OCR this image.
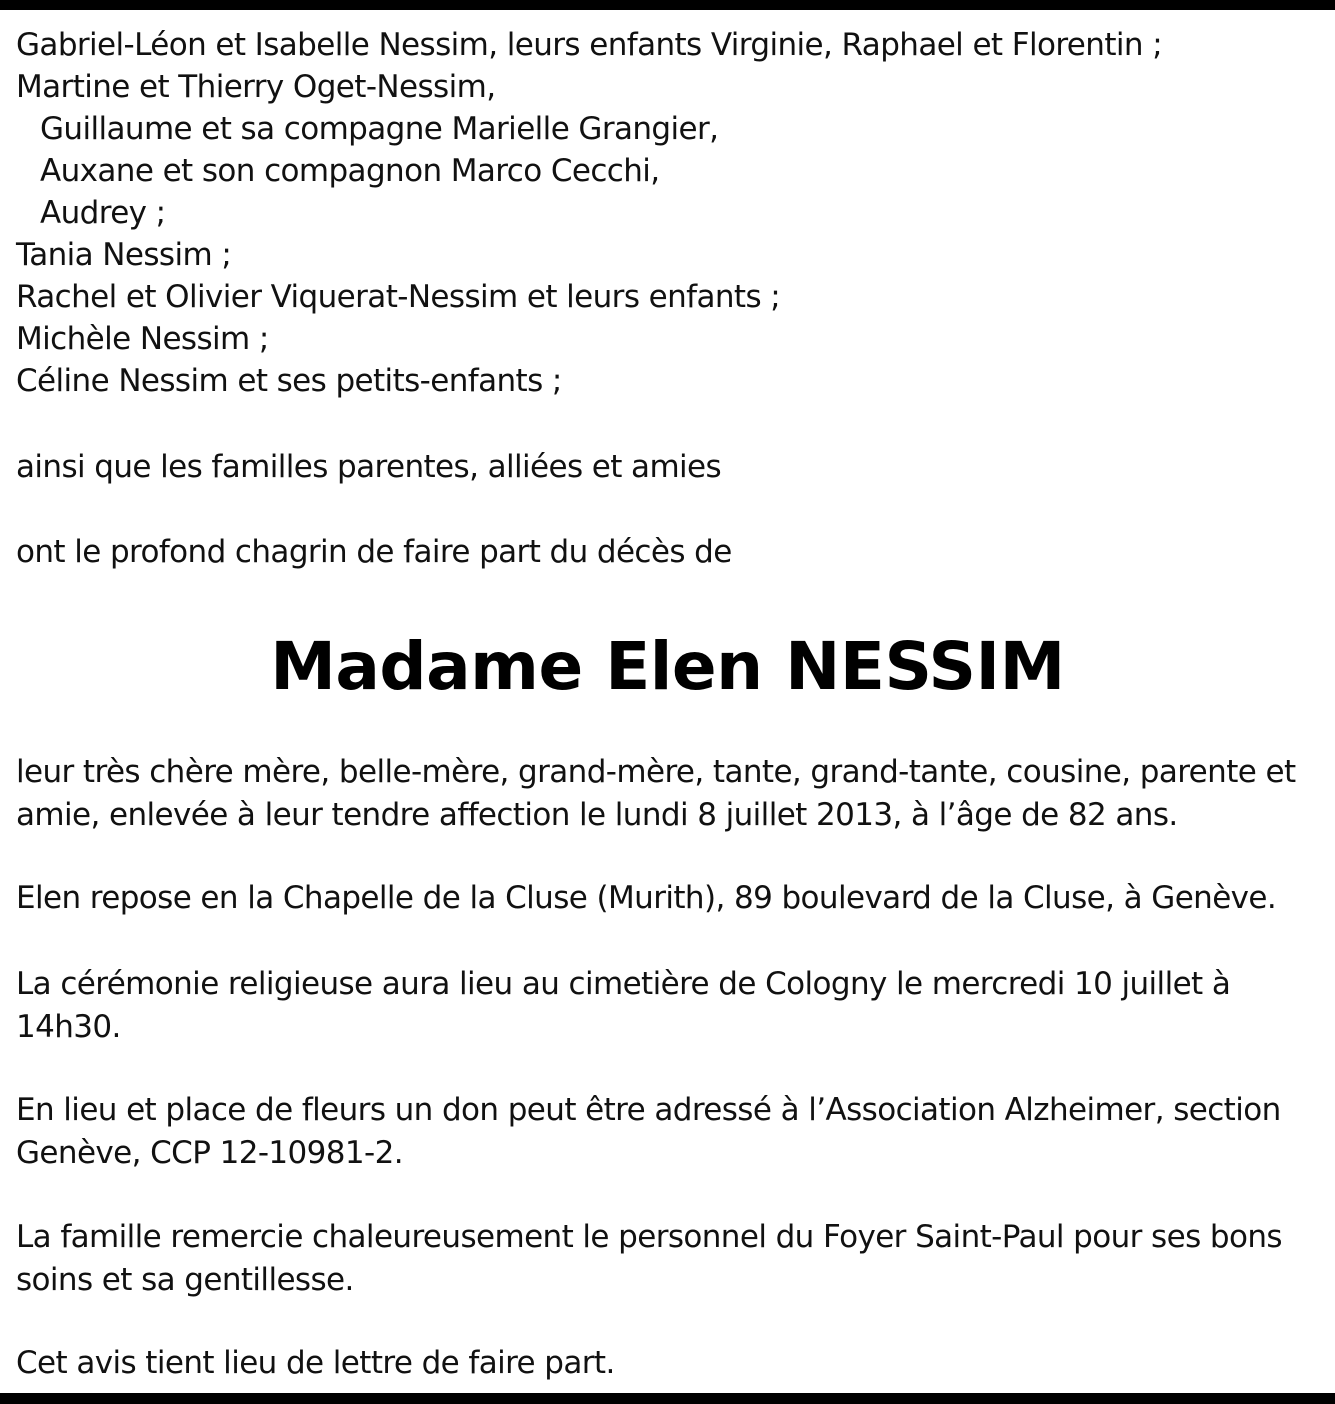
Gabriel-Léon et Isabelle Nessim, leurs enfants Virginie, Raphael et Florentin ;
Martine et Thierry Oget-Nessim,
Guillaume et sa compagne Marielle Grangier,
Auxane et son compagnon Marco Cecchi,
Audrey ;
Tania Nessim ;
Rachel et Olivier Viquerat-Nessim et leurs enfants ;
Michèle Nessim ;
Céline Nessim et ses petits-enfants ;
ainsi que les familles parentes, alliées et amies
ont le profond chagrin de faire part du décès de
Madame Elen NESSIM
leur très chère mère, belle-mère, grand-mère, tante, grand-tante, cousine, parente et
amie, enlevée à leur tendre affection le lundi 8 juillet 2013, à l’âge de 82 ans.
Elen repose en la Chapelle de la Cluse (Murith), 89 boulevard de la Cluse, à Genève.
La cérémonie religieuse aura lieu au cimetière de Cologny le mercredi 10 juillet à
14h30.
En lieu et place de fleurs un don peut être adressé à l’Association Alzheimer, section
Genève, CCP 12-10981-2.
La famille remercie chaleureusement le personnel du Foyer Saint-Paul pour ses bons
soins et sa gentillesse.
Cet avis tient lieu de lettre de faire part.
